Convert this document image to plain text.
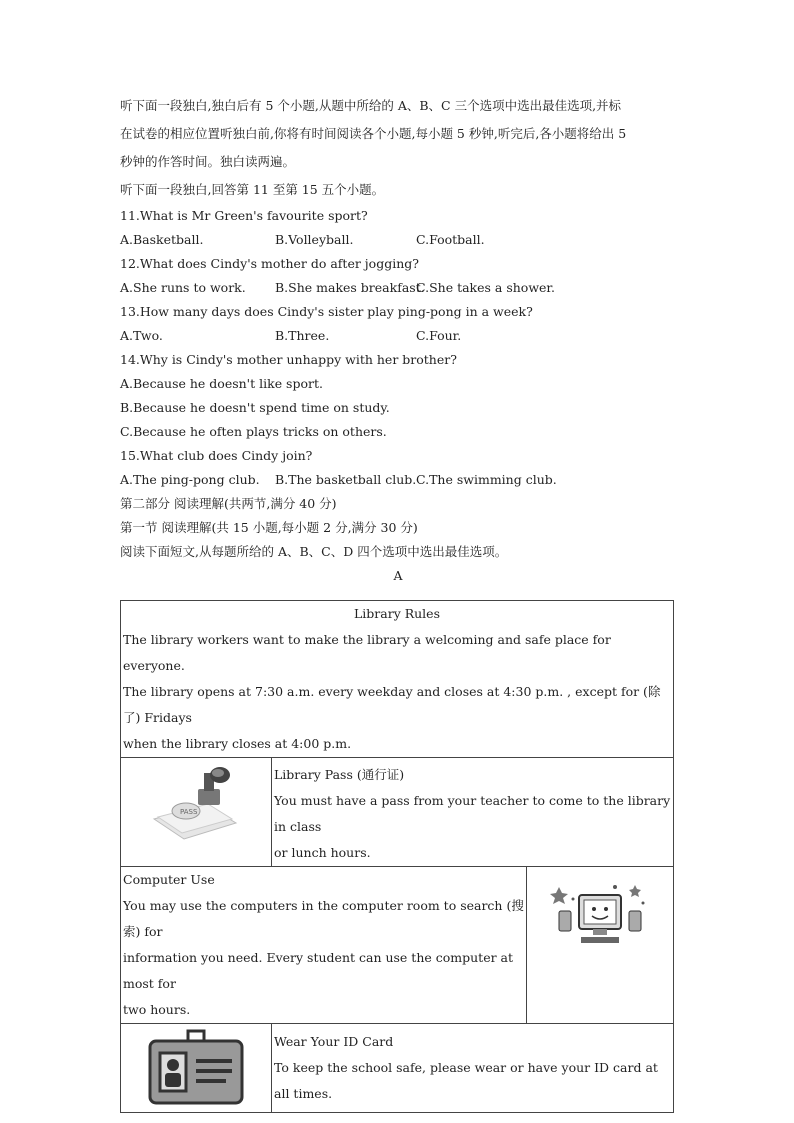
听下面一段独白,独白后有 5 个小题,从题中所给的 A、B、C 三个选项中选出最佳选项,并标
在试卷的相应位置听独白前,你将有时间阅读各个小题,每小题 5 秒钟,听完后,各小题将给出 5
秒钟的作答时间。独白读两遍。
听下面一段独白,回答第 11 至第 15 五个小题。
11.What is Mr Green's favourite sport?
A.Basketball.	B.Volleyball.	C.Football.
12.What does Cindy's mother do after jogging?
A.She runs to work.	B.She makes breakfast.
C.She takes a shower.
13.How many days does Cindy's sister play ping-pong in a week?
A.Two.	B.Three.	C.Four.
14.Why is Cindy's mother unhappy with her brother?
A.Because he doesn't like sport.
B.Because he doesn't spend time on study.
C.Because he often plays tricks on others.
15.What club does Cindy join?
A.The ping-pong club.	B.The basketball club. C.The swimming club.
第二部分 阅读理解(共两节,满分 40 分)
第一节 阅读理解(共 15 小题,每小题 2 分,满分 30 分)
阅读下面短文,从每题所给的 A、B、C、D 四个选项中选出最佳选项。
A
Library Rules
The library workers want to make the library a welcoming and safe place for everyone.
The library opens at 7:30 a.m. every weekday and closes at 4:30 p.m. , except for (除了) Fridays
when the library closes at 4:00 p.m.		

PASS	Library Pass (通行证)
You must have a pass from your teacher to come to the library in class
or lunch hours.	

Computer Use
You may use the computers in the computer room to search (搜索) for
information you need. Every student can use the computer at most for
two hours.

Wear Your ID Card
To keep the school safe, please wear or have your ID card at all times.	
